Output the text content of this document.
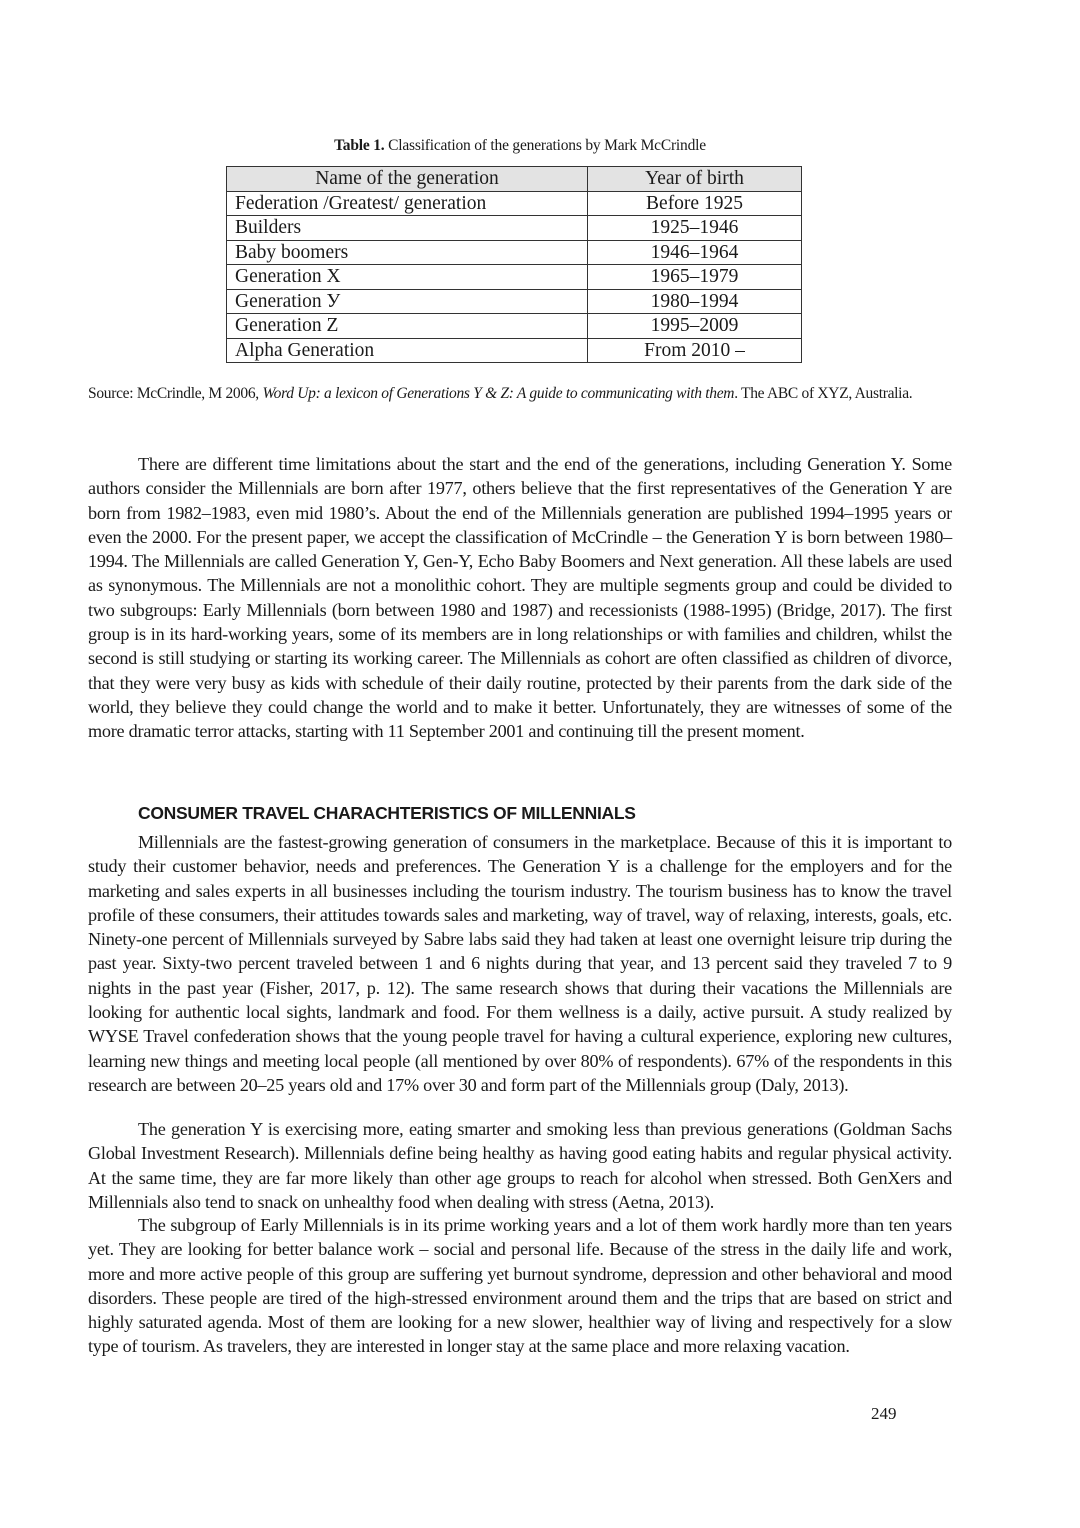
Table 1. Classification of the generations by Mark McCrindle
Name of the generation	Year of birth
Federation /Greatest/ generation	Before 1925
Builders	1925–1946
Baby boomers	1946–1964
Generation X	1965–1979
Generation У	1980–1994
Generation Z	1995–2009
Alpha Generation	From 2010 –
Source: McCrindle, M 2006, Word Up: a lexicon of Generations Y & Z: A guide to communicating with them. The ABC of XYZ, Australia.

There are different time limitations about the start and the end of the generations, including Generation Y. Some authors consider the Millennials are born after 1977, others believe that the first representatives of the Generation Y are born from 1982–1983, even mid 1980’s. About the end of the Millennials generation are published 1994–1995 years or even the 2000. For the present paper, we accept the classification of McCrindle – the Generation Y is born between 1980–1994. The Millennials are called Generation Y, Gen-Y, Echo Baby Boomers and Next generation. All these labels are used as synonymous. The Millennials are not a monolithic cohort. They are multiple segments group and could be divided to two subgroups: Early Millennials (born between 1980 and 1987) and recessionists (1988-1995) (Bridge, 2017). The first group is in its hard-working years, some of its members are in long relationships or with families and children, whilst the second is still studying or starting its working career. The Millennials as cohort are often classified as children of divorce, that they were very busy as kids with schedule of their daily routine, protected by their parents from the dark side of the world, they believe they could change the world and to make it better. Unfortunately, they are witnesses of some of the more dramatic terror attacks, starting with 11 September 2001 and continuing till the present moment.

CONSUMER TRAVEL CHARACHTERISTICS OF MILLENNIALS

Millennials are the fastest-growing generation of consumers in the marketplace. Because of this it is important to study their customer behavior, needs and preferences. The Generation Y is a challenge for the employers and for the marketing and sales experts in all businesses including the tourism industry. The tourism business has to know the travel profile of these consumers, their attitudes towards sales and marketing, way of travel, way of relaxing, interests, goals, etc. Ninety-one percent of Millennials surveyed by Sabre labs said they had taken at least one overnight leisure trip during the past year. Sixty-two percent traveled between 1 and 6 nights during that year, and 13 percent said they traveled 7 to 9 nights in the past year (Fisher, 2017, p. 12). The same research shows that during their vacations the Millennials are looking for authentic local sights, landmark and food. For them wellness is a daily, active pursuit. A study realized by WYSE Travel confederation shows that the young people travel for having a cultural experience, exploring new cultures, learning new things and meeting local people (all mentioned by over 80% of respondents). 67% of the respondents in this research are between 20–25 years old and 17% over 30 and form part of the Millennials group (Daly, 2013).

The generation Y is exercising more, eating smarter and smoking less than previous generations (Goldman Sachs Global Investment Research). Millennials define being healthy as having good eating habits and regular physical activity. At the same time, they are far more likely than other age groups to reach for alcohol when stressed. Both GenXers and Millennials also tend to snack on unhealthy food when dealing with stress (Aetna, 2013).

The subgroup of Early Millennials is in its prime working years and a lot of them work hardly more than ten years yet. They are looking for better balance work – social and personal life. Because of the stress in the daily life and work, more and more active people of this group are suffering yet burnout syndrome, depression and other behavioral and mood disorders. These people are tired of the high-stressed environment around them and the trips that are based on strict and highly saturated agenda. Most of them are looking for a new slower, healthier way of living and respectively for a slow type of tourism. As travelers, they are interested in longer stay at the same place and more relaxing vacation.

249
